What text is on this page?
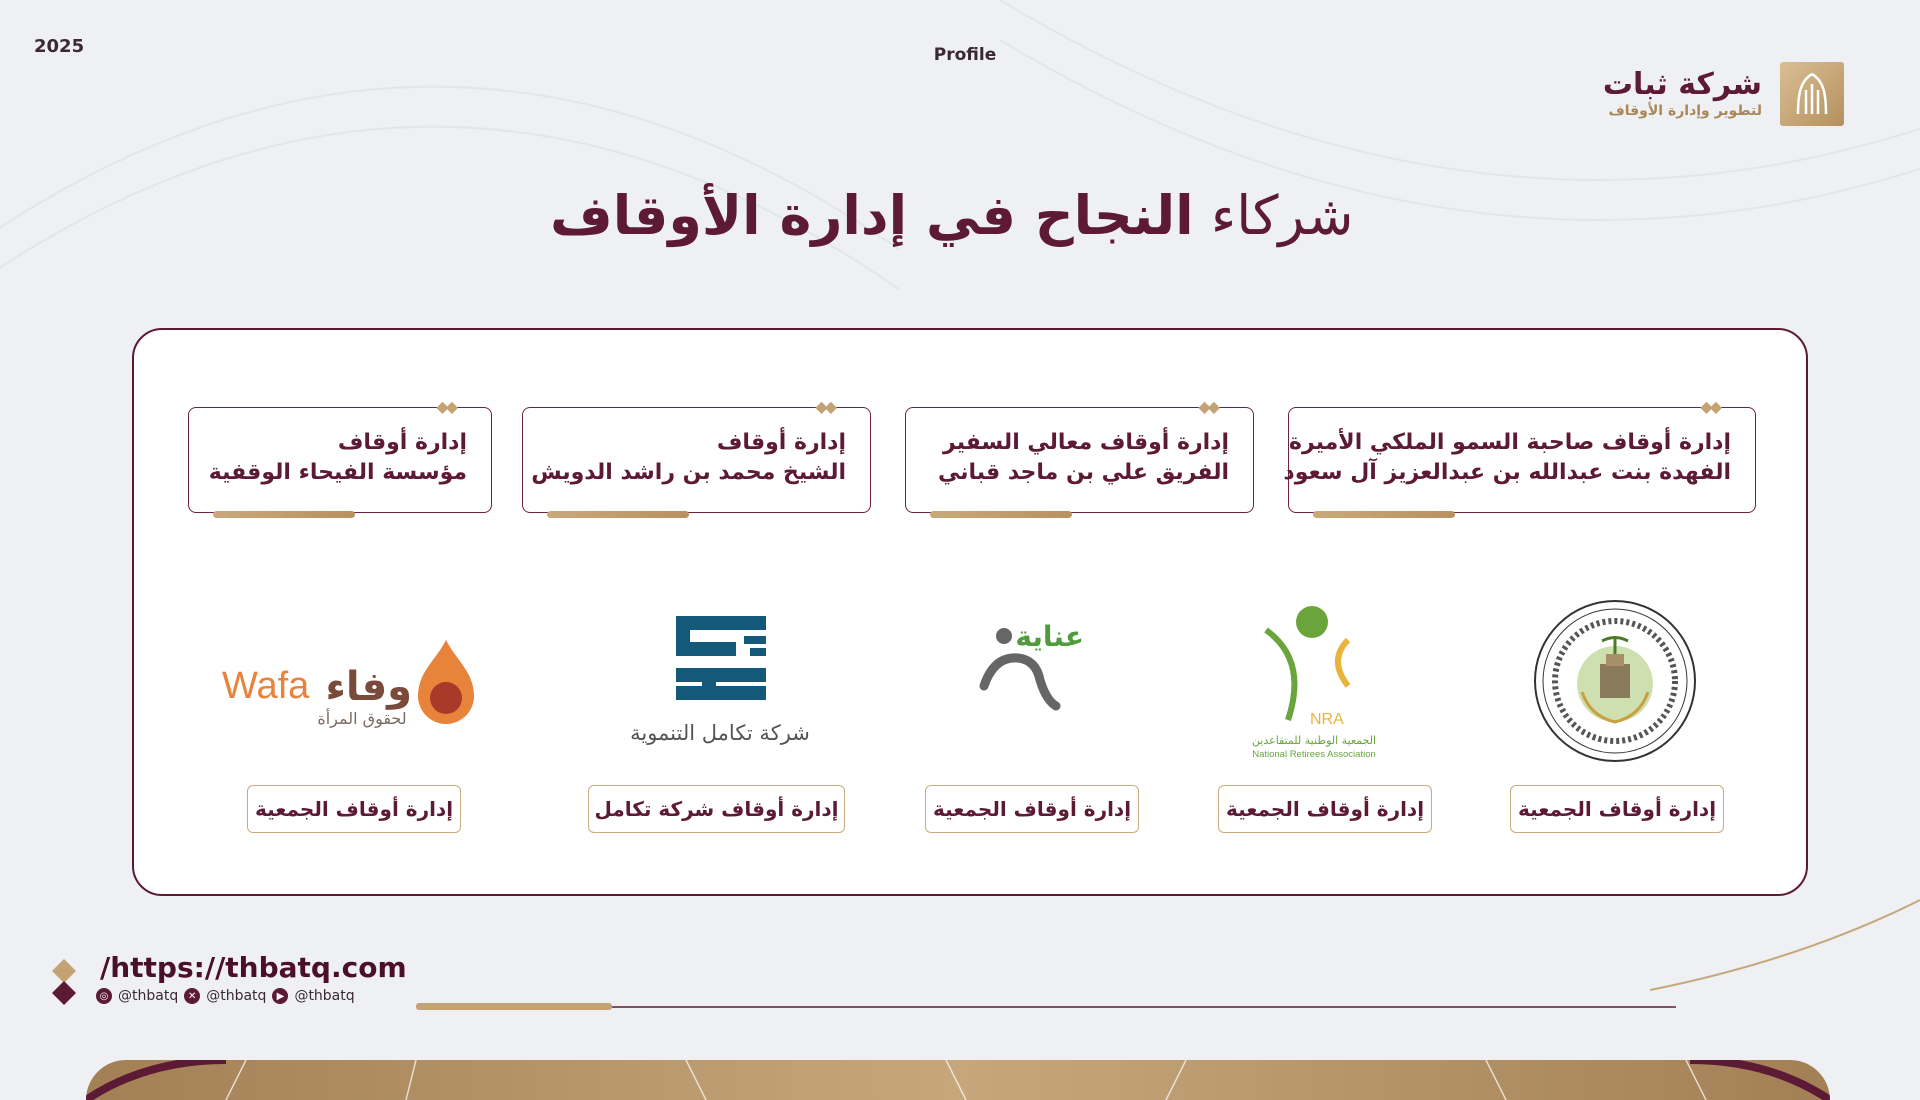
2025	Profile
شركة ثبات
لتطوير وإدارة الأوقاف
شركاء النجاح في إدارة الأوقاف
◆◆
إدارة أوقاف صاحبة السمو الملكي الأميرة
الفهدة بنت عبدالله بن عبدالعزيز آل سعود
◆◆
إدارة أوقاف معالي السفير
الفريق علي بن ماجد قباني
◆◆
إدارة أوقاف
الشيخ محمد بن راشد الدويش
◆◆
إدارة أوقاف
مؤسسة الفيحاء الوقفية
NRA
الجمعية الوطنية للمتقاعدين
National Retirees Association
عناية
شركة تكامل التنموية
Wafa وفاء
لحقوق المرأة
إدارة أوقاف الجمعية
إدارة أوقاف الجمعية
إدارة أوقاف الجمعية
إدارة أوقاف شركة تكامل
إدارة أوقاف الجمعية
/https://thbatq.com
◎ @thbatq ✕ @thbatq	▶ @thbatq
